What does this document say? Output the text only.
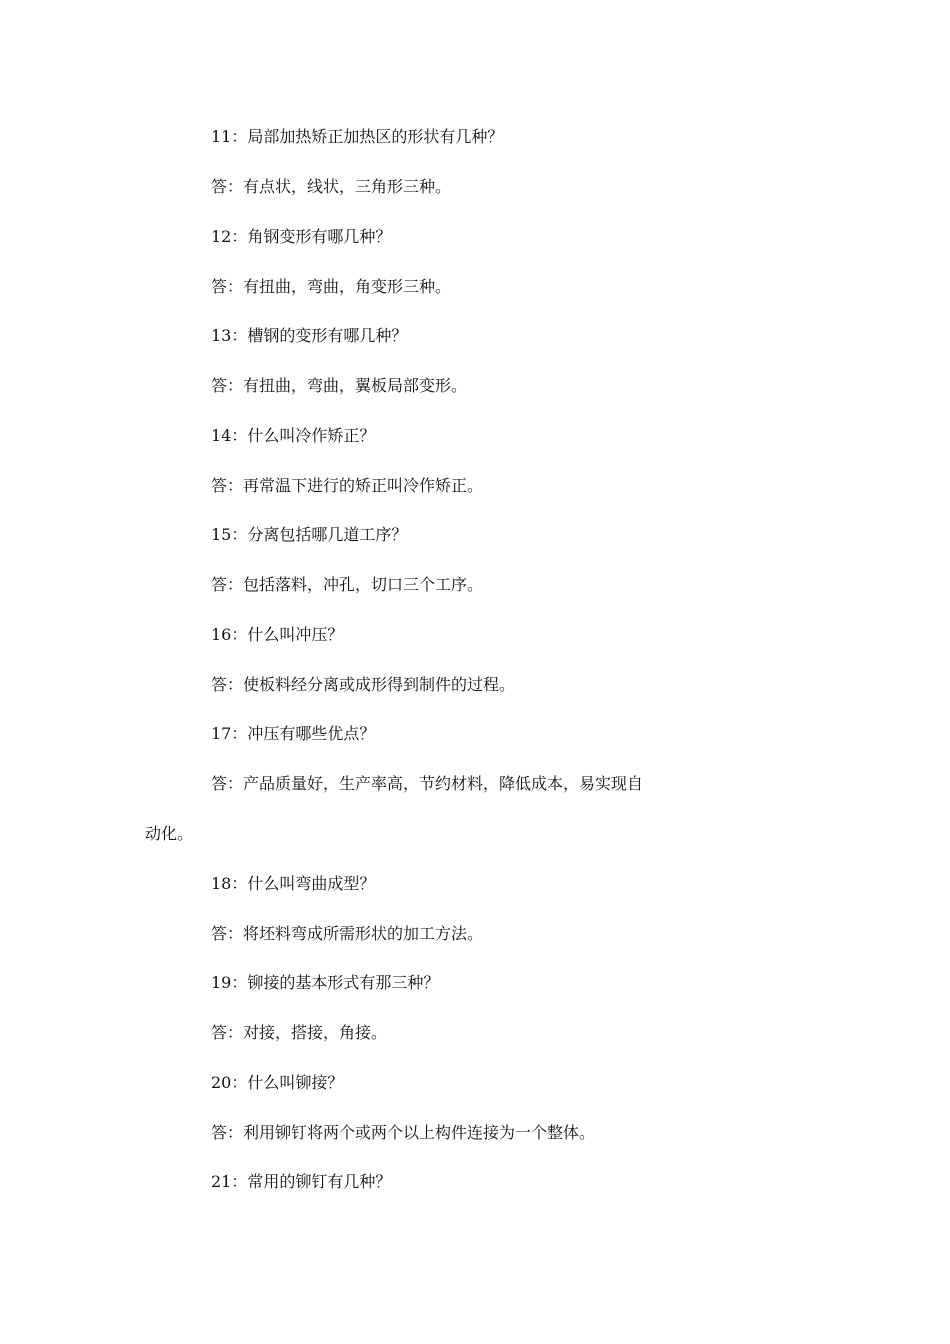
11：局部加热矫正加热区的形状有几种？
答：有点状，线状，三角形三种。
12：角钢变形有哪几种？
答：有扭曲，弯曲，角变形三种。
13：槽钢的变形有哪几种？
答：有扭曲，弯曲，翼板局部变形。
14：什么叫冷作矫正？
答：再常温下进行的矫正叫冷作矫正。
15：分离包括哪几道工序？
答：包括落料，冲孔，切口三个工序。
16：什么叫冲压？
答：使板料经分离或成形得到制件的过程。
17：冲压有哪些优点？
答：产品质量好，生产率高，节约材料，降低成本，易实现自
动化。
18：什么叫弯曲成型？
答：将坯料弯成所需形状的加工方法。
19：铆接的基本形式有那三种？
答：对接，搭接，角接。
20：什么叫铆接？
答：利用铆钉将两个或两个以上构件连接为一个整体。
21：常用的铆钉有几种？
